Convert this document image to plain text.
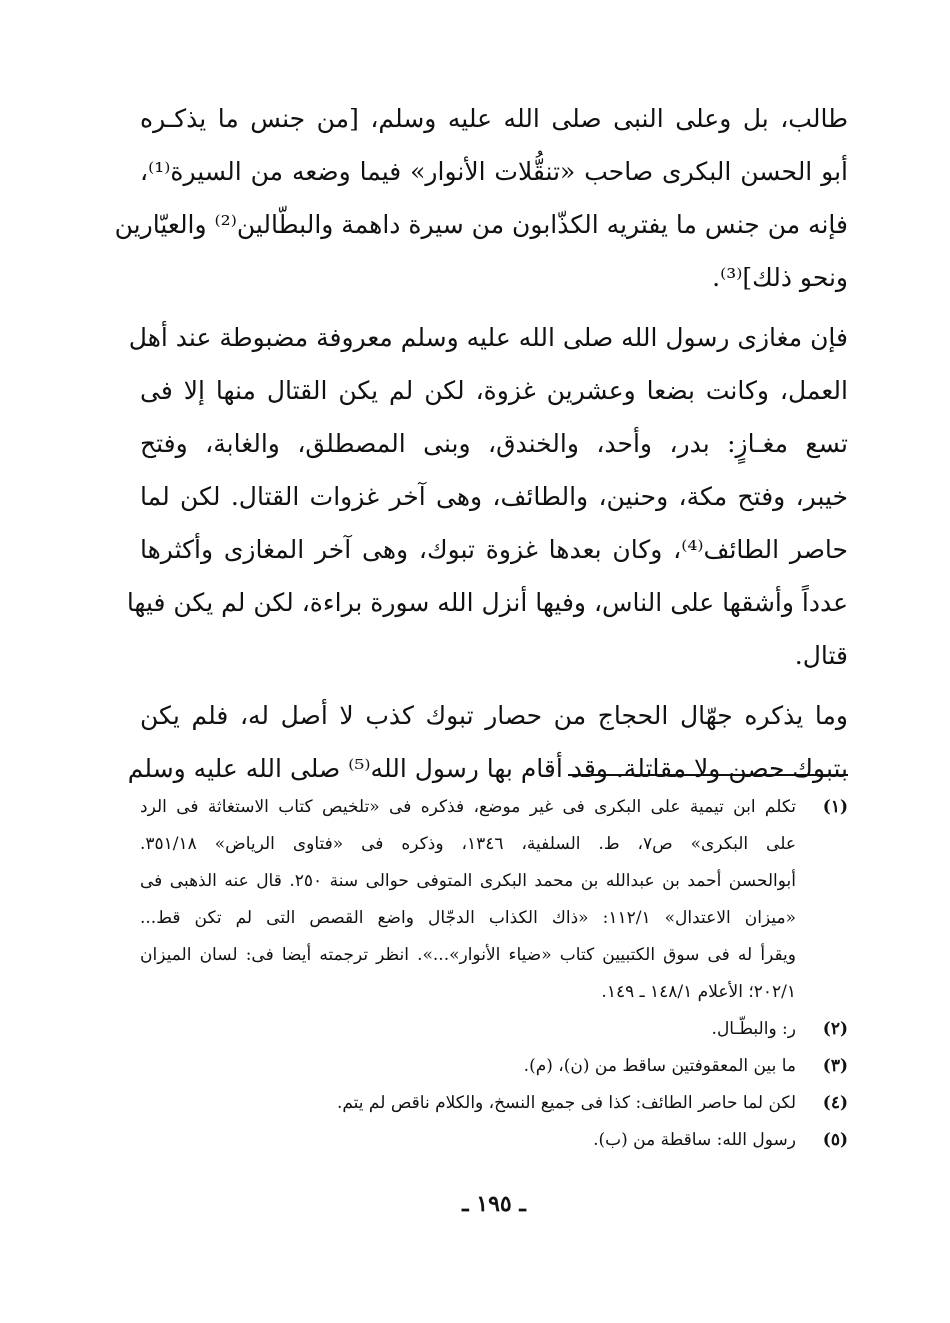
طالب، بل وعلى النبى صلى الله عليه وسلم، [من جنس ما يذكـره
أبو الحسن البكرى صاحب «تنقُّلات الأنوار» فيما وضعه من السيرة⁽¹⁾،
فإنه من جنس ما يفتريه الكذّابون من سيرة داهمة والبطّالين⁽²⁾ والعيّارين
ونحو ذلك]⁽³⁾.
فإن مغازى رسول الله صلى الله عليه وسلم معروفة مضبوطة عند أهل
العمل، وكانت بضعا وعشرين غزوة، لكن لم يكن القتال منها إلا فى
تسع مغـازٍ: بدر، وأحد، والخندق، وبنى المصطلق، والغابة، وفتح
خيبر، وفتح مكة، وحنين، والطائف، وهى آخر غزوات القتال. لكن لما
حاصر الطائف⁽⁴⁾، وكان بعدها غزوة تبوك، وهى آخر المغازى وأكثرها
عدداً وأشقها على الناس، وفيها أنزل الله سورة براءة، لكن لم يكن فيها
قتال.
وما يذكره جهّال الحجاج من حصار تبوك كذب لا أصل له، فلم يكن
بتبوك حصن ولا مقاتلة. وقد أقام بها رسول الله⁽⁵⁾ صلى الله عليه وسلم
(١)
تكلم ابن تيمية على البكرى فى غير موضع، فذكره فى «تلخيص كتاب الاستغاثة فى الرد
على البكرى» ص٧، ط. السلفية، ١٣٤٦، وذكره فى «فتاوى الرياض» ٣٥١/١٨.
أبوالحسن أحمد بن عبدالله بن محمد البكرى المتوفى حوالى سنة ٢٥٠. قال عنه الذهبى فى
«ميزان الاعتدال» ١١٢/١: «ذاك الكذاب الدجّال واضع القصص التى لم تكن قط...
ويقرأ له فى سوق الكتبيين كتاب «ضياء الأنوار»...». انظر ترجمته أيضا فى: لسان الميزان
٢٠٢/١؛ الأعلام ١٤٨/١ ـ ١٤٩.
(٢)
ر: والبطّـال.
(٣)
ما بين المعقوفتين ساقط من (ن)، (م).
(٤)
لكن لما حاصر الطائف: كذا فى جميع النسخ، والكلام ناقص لم يتم.
(٥)
رسول الله: ساقطة من (ب).
ـ ١٩٥ ـ
